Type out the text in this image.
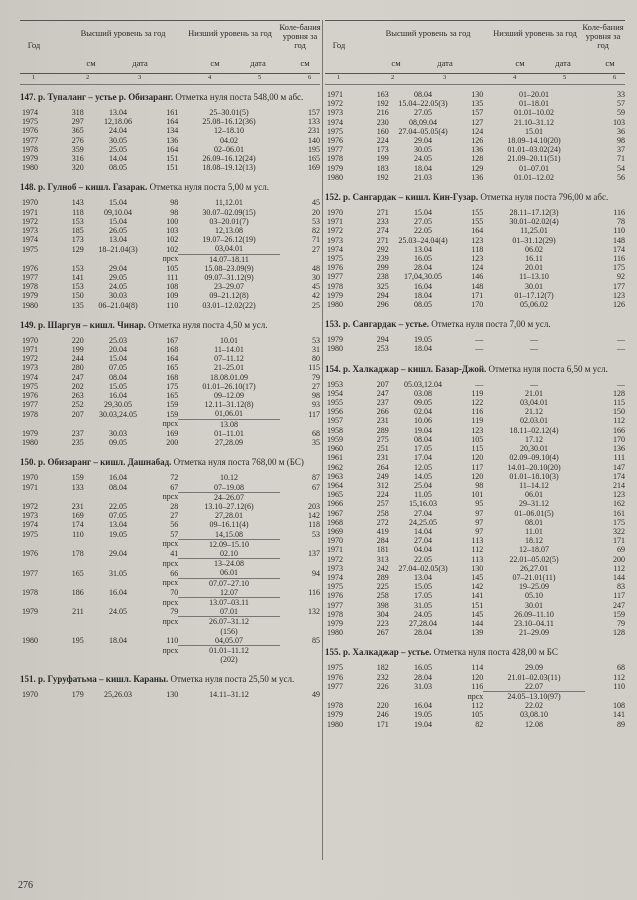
Год
Высший уровень за год	Низший уровень за год
Коле-бания уровня за год
см	дата	см	дата	см
1	2	3	4	5	6
Год
Высший уровень за год	Низший уровень за год
Коле-бания уровня за год
см	дата	см	дата	см
1	2	3	4	5	6
147. р. Тупаланг – устье р. Обизаранг. Отметка нуля поста 548,00 м абс.
1974	318	13.04	161	25–30.01(5)	157
1975	297	12,18.06	164	25.08–16.12(36)	133
1976	365	24.04	134	12–18.10	231
1977	276	30.05	136	04.02	140
1978	359	25.05	164	02–06.01	195
1979	316	14.04	151	26.09–16.12(24)	165
1980	320	08.05	151	18.08–19.12(13)	169
148. р. Гулноб – кишл. Газарак. Отметка нуля поста 5,00 м усл.
1970	143	15.04	98	11,12.01	45
1971	118	09,10.04	98	30.07–02.09(15)	20
1972	153	15.04	100	03–20.01(7)	53
1973	185	26.05	103	12,13.08	82
1974	173	13.04	102	19.07–26.12(19)	71
1975	129	18–21.04(3)	102	03,04.01	27
			прсх	14.07–18.11	
1976	153	29.04	105	15.08–23.09(9)	48
1977	141	29.05	111	09.07–31.12(9)	30
1978	153	24.05	108	23–29.07	45
1979	150	30.03	109	09–21.12(8)	42
1980	135	06–21.04(8)	110	03.01–12.02(22)	25
149. р. Шаргун – кишл. Чинар. Отметка нуля поста 4,50 м усл.
1970	220	25.03	167	10.01	53
1971	199	20.04	168	11–14.01	31
1972	244	15.04	164	07–11.12	80
1973	280	07.05	165	21–25.01	115
1974	247	08.04	168	18.08.01.09	79
1975	202	15.05	175	01.01–26.10(17)	27
1976	263	16.04	165	09–12.09	98
1977	252	29,30.05	159	12.11–31.12(8)	93
1978	207	30.03,24.05	159	01,06.01	117
			прсх	13.08	
1979	237	30.03	169	01–11.01	68
1980	235	09.05	200	27,28.09	35
150. р. Обизаранг – кишл. Дашнабад. Отметка нуля поста 768,00 м (БС)
1970	159	16.04	72	10.12	87
1971	133	08.04	67	07–19.08	67
			прсх	24–26.07	
1972	231	22.05	28	13.10–27.12(6)	203
1973	169	07.05	27	27,28.01	142
1974	174	13.04	56	09–16.11(4)	118
1975	110	19.05	57	14,15.08	53
			прсх	12.09–15.10	
1976	178	29.04	41	02.10	137
			прсх	13–24.08	
1977	165	31.05	66	06.01	94
			прсх	07.07–27.10	
1978	186	16.04	70	12.07	116
			прсх	13.07–03.11	
1979	211	24.05	79	07.01	132
			прсх	26.07–31.12	
				(156)	
1980	195	18.04	110	04,05.07	85
			прсх	01.01–11.12	
				(202)	
151. р. Гуруфатьма – кишл. Караны. Отметка нуля поста 25,50 м усл.
1970	179	25,26.03	130	14.11–31.12	49
1971	163	08.04	130	01–20.01	33
1972	192	15.04–22.05(3)	135	01–18.01	57
1973	216	27.05	157	01.01–10.02	59
1974	230	08,09.04	127	21.10–31.12	103
1975	160	27.04–05.05(4)	124	15.01	36
1976	224	29.04	126	18.09–14.10(20)	98
1977	173	30.05	136	01.01–03.02(24)	37
1978	199	24.05	128	21.09–20.11(51)	71
1979	183	18.04	129	01–07.01	54
1980	192	21.03	136	01.01–12.02	56
152. р. Сангардак – кишл. Кин-Гузар. Отметка нуля поста 796,00 м абс.
1970	271	15.04	155	28.11–17.12(3)	116
1971	233	27.05	155	30.01–02.02(4)	78
1972	274	22.05	164	11,25.01	110
1973	271	25.03–24.04(4)	123	01–31.12(29)	148
1974	292	13.04	118	06.02	174
1975	239	16.05	123	16.11	116
1976	299	28.04	124	20.01	175
1977	238	17,04,30.05	146	11–13.10	92
1978	325	16.04	148	30.01	177
1979	294	18.04	171	01–17.12(7)	123
1980	296	08.05	170	05,06.02	126
153. р. Сангардак – устье. Отметка нуля поста 7,00 м усл.
1979	294	19.05	—	—	—
1980	253	18.04	—	—	—
154. р. Халкаджар – кишл. Базар-Джой. Отметка нуля поста 6,50 м усл.
1953	207	05.03,12.04	—	—	—
1954	247	03.08	119	21.01	128
1955	237	09.05	122	03,04.01	115
1956	266	02.04	116	21.12	150
1957	231	10.06	119	02.03.01	112
1958	289	19.04	123	18.11–02.12(4)	166
1959	275	08.04	105	17.12	170
1960	251	17.05	115	20,30.01	136
1961	231	17.04	120	02.09–09.10(4)	111
1962	264	12.05	117	14.01–20.10(20)	147
1963	249	14.05	120	01.01–18.10(3)	174
1964	312	25.04	98	11–14.12	214
1965	224	11.05	101	06.01	123
1966	257	15,16.03	95	29–31.12	162
1967	258	27.04	97	01–06.01(5)	161
1968	272	24,25.05	97	08.01	175
1969	419	14.04	97	11.01	322
1970	284	27.04	113	18.12	171
1971	181	04.04	112	12–18.07	69
1972	313	22.05	113	22.01–05.02(5)	200
1973	242	27.04–02.05(3)	130	26,27.01	112
1974	289	13.04	145	07–21.01(11)	144
1975	225	15.05	142	19–25.09	83
1976	258	17.05	141	05.10	117
1977	398	31.05	151	30.01	247
1978	304	24.05	145	26.09–11.10	159
1979	223	27,28.04	144	23.10–04.11	79
1980	267	28.04	139	21–29.09	128
155. р. Халкаджар – устье. Отметка нуля поста 428,00 м БС
1975	182	16.05	114	29.09	68
1976	232	28.04	120	21.01–02.03(11)	112
1977	226	31.03	116	22.07	110
			прсх	24.05–13.10(97)	
1978	220	16.04	112	22.02	108
1979	246	19.05	105	03,08.10	141
1980	171	19.04	82	12.08	89
276
